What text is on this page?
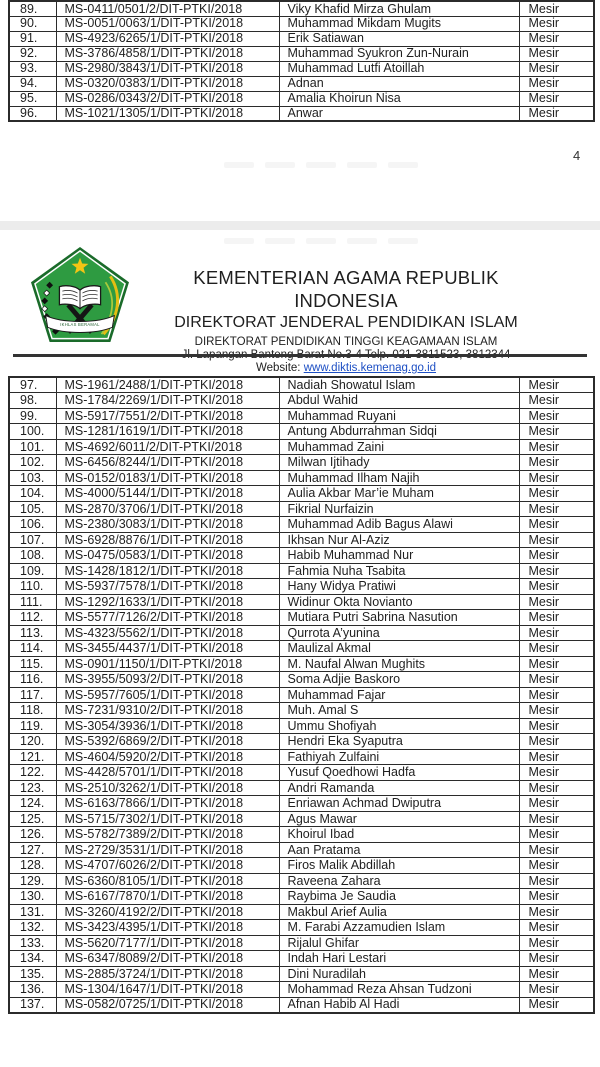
89.	MS-0411/0501/2/DIT-PTKI/2018	Viky Khafid Mirza Ghulam	Mesir
90.	MS-0051/0063/1/DIT-PTKI/2018	Muhammad Mikdam Mugits	Mesir
91.	MS-4923/6265/1/DIT-PTKI/2018	Erik Satiawan	Mesir
92.	MS-3786/4858/1/DIT-PTKI/2018	Muhammad Syukron Zun-Nurain	Mesir
93.	MS-2980/3843/1/DIT-PTKI/2018	Muhammad Lutfi Atoillah	Mesir
94.	MS-0320/0383/1/DIT-PTKI/2018	Adnan	Mesir
95.	MS-0286/0343/2/DIT-PTKI/2018	Amalia Khoirun Nisa	Mesir
96.	MS-1021/1305/1/DIT-PTKI/2018	Anwar	Mesir
4
IKHLAS BERAMAL
KEMENTERIAN AGAMA REPUBLIK INDONESIA
DIREKTORAT JENDERAL PENDIDIKAN ISLAM
DIREKTORAT PENDIDIKAN TINGGI KEAGAMAAN ISLAM
Website: www.diktis.kemenag.go.id
97.	MS-1961/2488/1/DIT-PTKI/2018	Nadiah Showatul Islam	Mesir
98.	MS-1784/2269/1/DIT-PTKI/2018	Abdul Wahid	Mesir
99.	MS-5917/7551/2/DIT-PTKI/2018	Muhammad Ruyani	Mesir
100.	MS-1281/1619/1/DIT-PTKI/2018	Antung Abdurrahman Sidqi	Mesir
101.	MS-4692/6011/2/DIT-PTKI/2018	Muhammad Zaini	Mesir
102.	MS-6456/8244/1/DIT-PTKI/2018	Milwan Ijtihady	Mesir
103.	MS-0152/0183/1/DIT-PTKI/2018	Muhammad Ilham Najih	Mesir
104.	MS-4000/5144/1/DIT-PTKI/2018	Aulia Akbar Mar’ie Muham	Mesir
105.	MS-2870/3706/1/DIT-PTKI/2018	Fikrial Nurfaizin	Mesir
106.	MS-2380/3083/1/DIT-PTKI/2018	Muhammad Adib Bagus Alawi	Mesir
107.	MS-6928/8876/1/DIT-PTKI/2018	Ikhsan Nur Al-Aziz	Mesir
108.	MS-0475/0583/1/DIT-PTKI/2018	Habib Muhammad Nur	Mesir
109.	MS-1428/1812/1/DIT-PTKI/2018	Fahmia Nuha Tsabita	Mesir
110.	MS-5937/7578/1/DIT-PTKI/2018	Hany Widya Pratiwi	Mesir
111.	MS-1292/1633/1/DIT-PTKI/2018	Widinur Okta Novianto	Mesir
112.	MS-5577/7126/2/DIT-PTKI/2018	Mutiara Putri Sabrina Nasution	Mesir
113.	MS-4323/5562/1/DIT-PTKI/2018	Qurrota A’yunina	Mesir
114.	MS-3455/4437/1/DIT-PTKI/2018	Maulizal Akmal	Mesir
115.	MS-0901/1150/1/DIT-PTKI/2018	M. Naufal Alwan Mughits	Mesir
116.	MS-3955/5093/2/DIT-PTKI/2018	Soma Adjie Baskoro	Mesir
117.	MS-5957/7605/1/DIT-PTKI/2018	Muhammad Fajar	Mesir
118.	MS-7231/9310/2/DIT-PTKI/2018	Muh. Amal S	Mesir
119.	MS-3054/3936/1/DIT-PTKI/2018	Ummu Shofiyah	Mesir
120.	MS-5392/6869/2/DIT-PTKI/2018	Hendri Eka Syaputra	Mesir
121.	MS-4604/5920/2/DIT-PTKI/2018	Fathiyah Zulfaini	Mesir
122.	MS-4428/5701/1/DIT-PTKI/2018	Yusuf Qoedhowi Hadfa	Mesir
123.	MS-2510/3262/1/DIT-PTKI/2018	Andri Ramanda	Mesir
124.	MS-6163/7866/1/DIT-PTKI/2018	Enriawan Achmad Dwiputra	Mesir
125.	MS-5715/7302/1/DIT-PTKI/2018	Agus Mawar	Mesir
126.	MS-5782/7389/2/DIT-PTKI/2018	Khoirul Ibad	Mesir
127.	MS-2729/3531/1/DIT-PTKI/2018	Aan Pratama	Mesir
128.	MS-4707/6026/2/DIT-PTKI/2018	Firos Malik Abdillah	Mesir
129.	MS-6360/8105/1/DIT-PTKI/2018	Raveena Zahara	Mesir
130.	MS-6167/7870/1/DIT-PTKI/2018	Raybima Je Saudia	Mesir
131.	MS-3260/4192/2/DIT-PTKI/2018	Makbul Arief Aulia	Mesir
132.	MS-3423/4395/1/DIT-PTKI/2018	M. Farabi Azzamudien Islam	Mesir
133.	MS-5620/7177/1/DIT-PTKI/2018	Rijalul Ghifar	Mesir
134.	MS-6347/8089/2/DIT-PTKI/2018	Indah Hari Lestari	Mesir
135.	MS-2885/3724/1/DIT-PTKI/2018	Dini Nuradilah	Mesir
136.	MS-1304/1647/1/DIT-PTKI/2018	Mohammad Reza Ahsan Tudzoni	Mesir
137.	MS-0582/0725/1/DIT-PTKI/2018	Afnan Habib Al Hadi	Mesir
